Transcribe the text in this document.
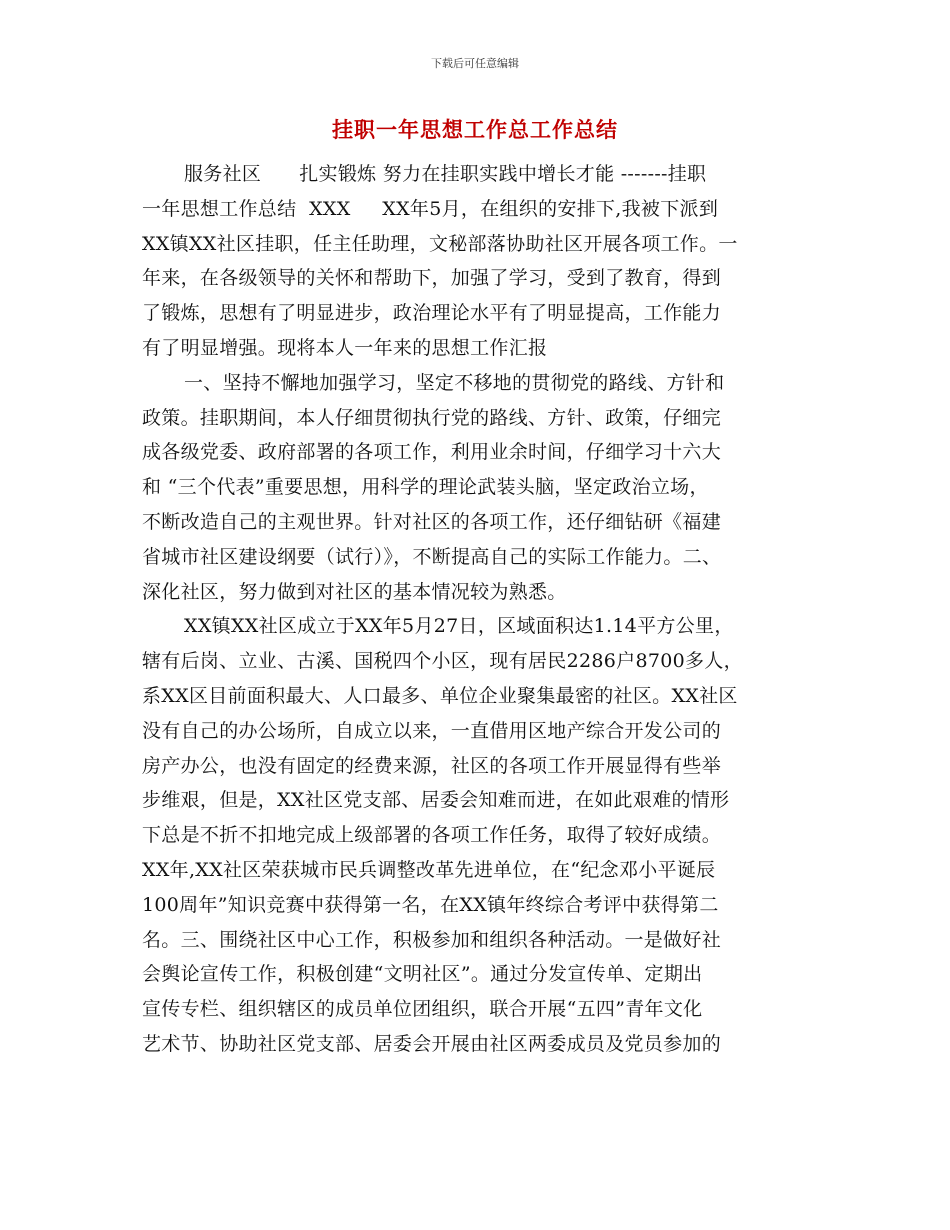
下载后可任意编辑
挂职一年思想工作总工作总结
服务社区      扎实锻炼 努力在挂职实践中增长才能 -------挂职
一年思想工作总结  XXX     XX年5月，在组织的安排下,我被下派到
XX镇XX社区挂职，任主任助理，文秘部落协助社区开展各项工作。一
年来，在各级领导的关怀和帮助下，加强了学习，受到了教育，得到
了锻炼，思想有了明显进步，政治理论水平有了明显提高，工作能力
有了明显增强。现将本人一年来的思想工作汇报
一、坚持不懈地加强学习，坚定不移地的贯彻党的路线、方针和
政策。挂职期间，本人仔细贯彻执行党的路线、方针、政策，仔细完
成各级党委、政府部署的各项工作，利用业余时间，仔细学习十六大
和 “三个代表”重要思想，用科学的理论武装头脑，坚定政治立场，
不断改造自己的主观世界。针对社区的各项工作，还仔细钻研《福建
省城市社区建设纲要（试行）》，不断提高自己的实际工作能力。二、
深化社区，努力做到对社区的基本情况较为熟悉。
XX镇XX社区成立于XX年5月27日，区域面积达1.14平方公里，
辖有后岗、立业、古溪、国税四个小区，现有居民2286户8700多人，
系XX区目前面积最大、人口最多、单位企业聚集最密的社区。XX社区
没有自己的办公场所，自成立以来，一直借用区地产综合开发公司的
房产办公，也没有固定的经费来源，社区的各项工作开展显得有些举
步维艰，但是，XX社区党支部、居委会知难而进，在如此艰难的情形
下总是不折不扣地完成上级部署的各项工作任务，取得了较好成绩。
XX年,XX社区荣获城市民兵调整改革先进单位，在“纪念邓小平诞辰
100周年”知识竞赛中获得第一名，在XX镇年终综合考评中获得第二
名。三、围绕社区中心工作，积极参加和组织各种活动。一是做好社
会舆论宣传工作，积极创建“文明社区”。通过分发宣传单、定期出
宣传专栏、组织辖区的成员单位团组织，联合开展“五四”青年文化
艺术节、协助社区党支部、居委会开展由社区两委成员及党员参加的
